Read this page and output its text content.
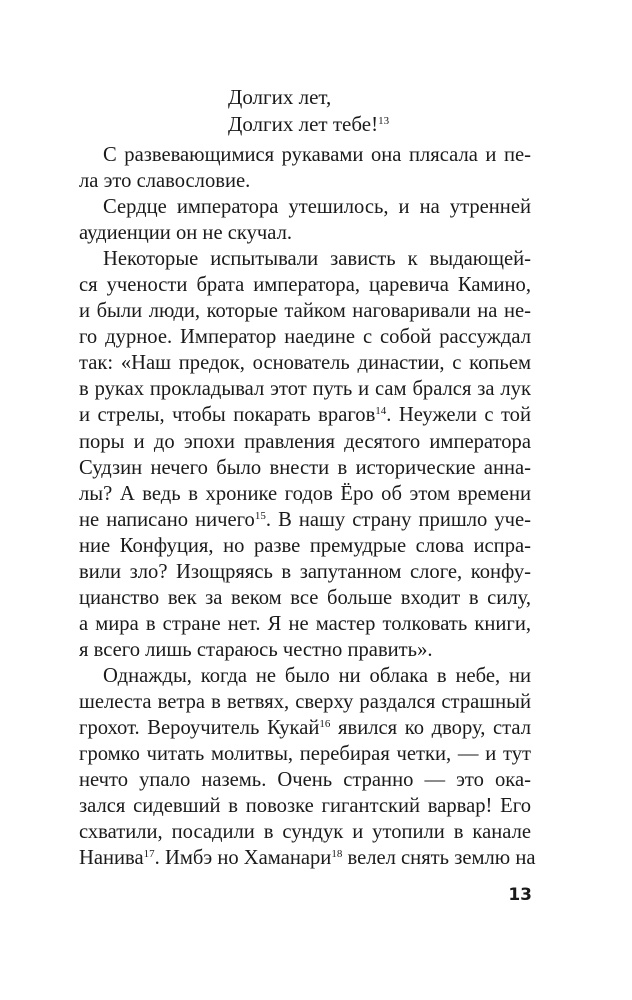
Долгих лет,
Долгих лет тебе!$^{13}$

С развевающимися рукавами она плясала и пе-
ла это славословие.

Сердце императора утешилось, и на утренней
аудиенции он не скучал.

Некоторые испытывали зависть к выдающей-
ся учености брата императора, царевича Камино,
и были люди, которые тайком наговаривали на не-
го дурное. Император наедине с собой рассуждал
так: «Наш предок, основатель династии, с копьем
в руках прокладывал этот путь и сам брался за лук
и стрелы, чтобы покарать врагов$^{14}$. Неужели с той
поры и до эпохи правления десятого императора
Судзин нечего было внести в исторические анна-
лы? А ведь в хронике годов Ёро об этом времени
не написано ничего$^{15}$. В нашу страну пришло уче-
ние Конфуция, но разве премудрые слова испра-
вили зло? Изощряясь в запутанном слоге, конфу-
цианство век за веком все больше входит в силу,
а мира в стране нет. Я не мастер толковать книги,
я всего лишь стараюсь честно править».

Однажды, когда не было ни облака в небе, ни
шелеста ветра в ветвях, сверху раздался страшный
грохот. Вероучитель Кукай$^{16}$ явился ко двору, стал
громко читать молитвы, перебирая четки, — и тут
нечто упало наземь. Очень странно — это ока-
зался сидевший в повозке гигантский варвар! Его
схватили, посадили в сундук и утопили в канале
Нанива$^{17}$. Имбэ но Хаманари$^{18}$ велел снять землю на

13
